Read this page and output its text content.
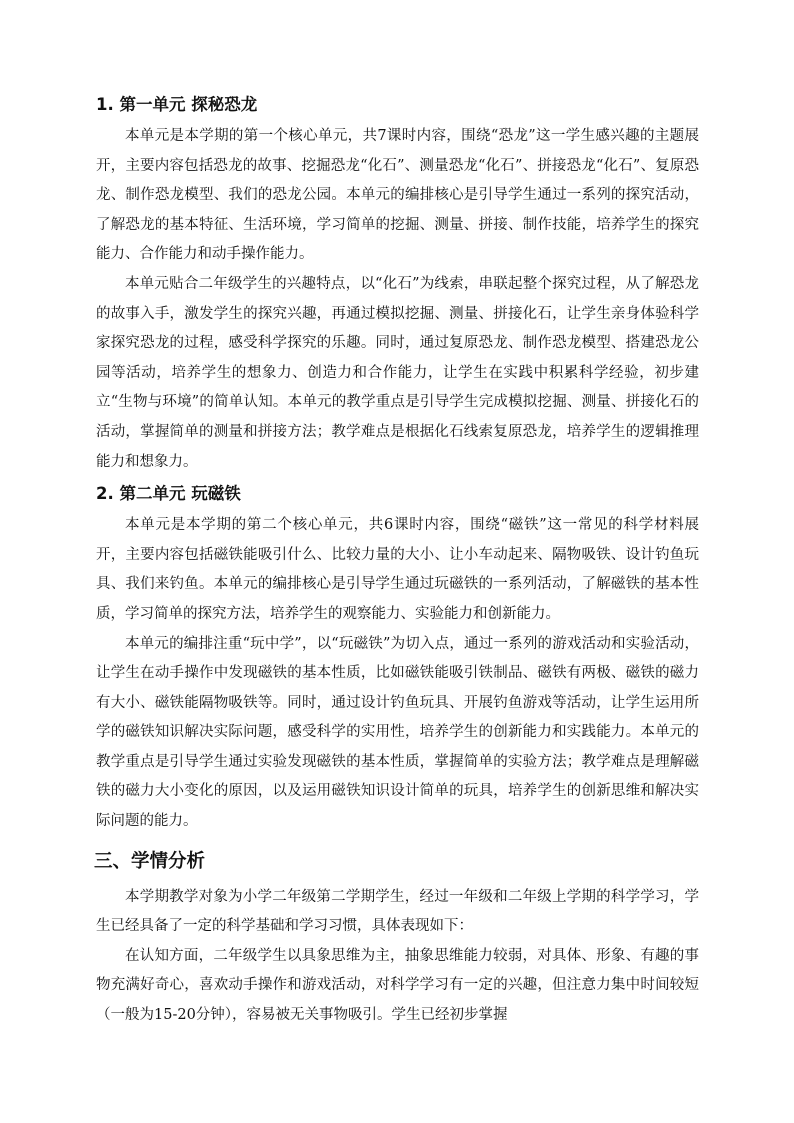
1. 第一单元 探秘恐龙

本单元是本学期的第一个核心单元，共7课时内容，围绕“恐龙”这一学生感兴趣的主题展开，主要内容包括恐龙的故事、挖掘恐龙“化石”、测量恐龙“化石”、拼接恐龙“化石”、复原恐龙、制作恐龙模型、我们的恐龙公园。本单元的编排核心是引导学生通过一系列的探究活动，了解恐龙的基本特征、生活环境，学习简单的挖掘、测量、拼接、制作技能，培养学生的探究能力、合作能力和动手操作能力。

本单元贴合二年级学生的兴趣特点，以“化石”为线索，串联起整个探究过程，从了解恐龙的故事入手，激发学生的探究兴趣，再通过模拟挖掘、测量、拼接化石，让学生亲身体验科学家探究恐龙的过程，感受科学探究的乐趣。同时，通过复原恐龙、制作恐龙模型、搭建恐龙公园等活动，培养学生的想象力、创造力和合作能力，让学生在实践中积累科学经验，初步建立“生物与环境”的简单认知。本单元的教学重点是引导学生完成模拟挖掘、测量、拼接化石的活动，掌握简单的测量和拼接方法；教学难点是根据化石线索复原恐龙，培养学生的逻辑推理能力和想象力。

2. 第二单元 玩磁铁

本单元是本学期的第二个核心单元，共6课时内容，围绕“磁铁”这一常见的科学材料展开，主要内容包括磁铁能吸引什么、比较力量的大小、让小车动起来、隔物吸铁、设计钓鱼玩具、我们来钓鱼。本单元的编排核心是引导学生通过玩磁铁的一系列活动，了解磁铁的基本性质，学习简单的探究方法，培养学生的观察能力、实验能力和创新能力。

本单元的编排注重“玩中学”，以“玩磁铁”为切入点，通过一系列的游戏活动和实验活动，让学生在动手操作中发现磁铁的基本性质，比如磁铁能吸引铁制品、磁铁有两极、磁铁的磁力有大小、磁铁能隔物吸铁等。同时，通过设计钓鱼玩具、开展钓鱼游戏等活动，让学生运用所学的磁铁知识解决实际问题，感受科学的实用性，培养学生的创新能力和实践能力。本单元的教学重点是引导学生通过实验发现磁铁的基本性质，掌握简单的实验方法；教学难点是理解磁铁的磁力大小变化的原因，以及运用磁铁知识设计简单的玩具，培养学生的创新思维和解决实际问题的能力。

三、学情分析

本学期教学对象为小学二年级第二学期学生，经过一年级和二年级上学期的科学学习，学生已经具备了一定的科学基础和学习习惯，具体表现如下：

在认知方面，二年级学生以具象思维为主，抽象思维能力较弱，对具体、形象、有趣的事物充满好奇心，喜欢动手操作和游戏活动，对科学学习有一定的兴趣，但注意力集中时间较短（一般为15-20分钟），容易被无关事物吸引。学生已经初步掌握
